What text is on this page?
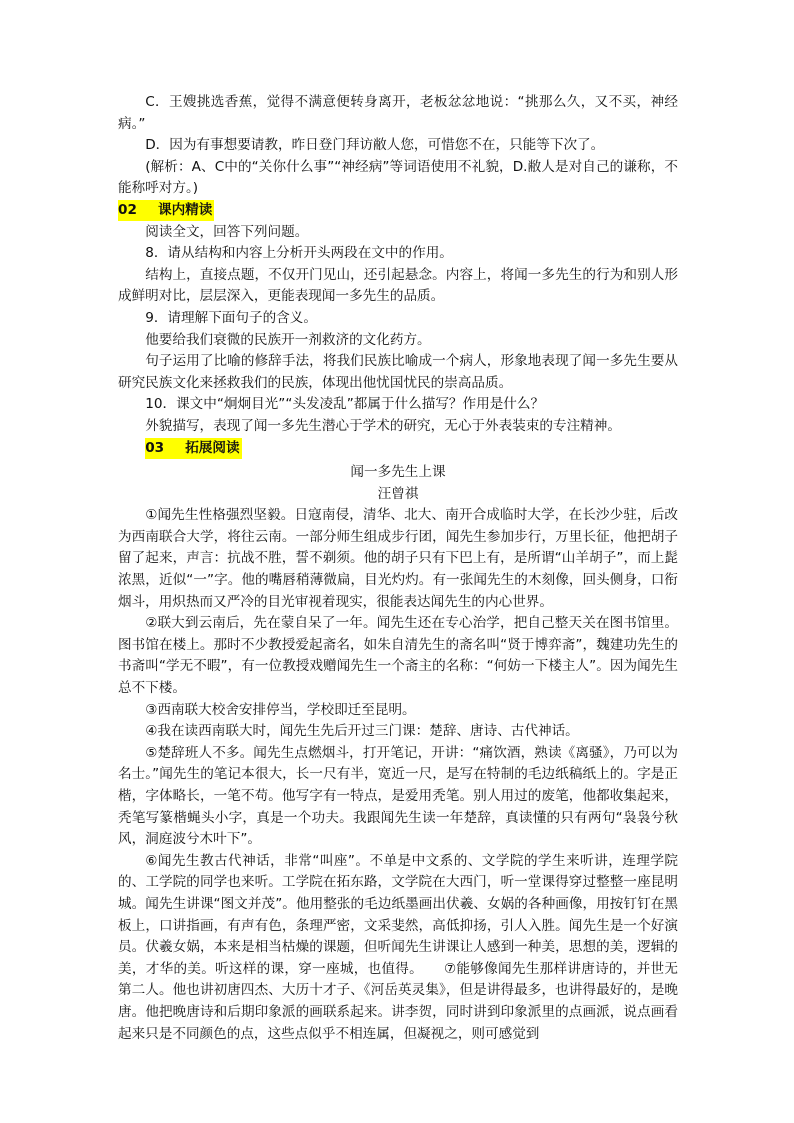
C．王嫂挑选香蕉，觉得不满意便转身离开，老板忿忿地说：“挑那么久，又不买，神经病。”

D．因为有事想要请教，昨日登门拜访敝人您，可惜您不在，只能等下次了。

(解析：A、C中的“关你什么事”“神经病”等词语使用不礼貌，D.敝人是对自己的谦称，不能称呼对方。)

02 课内精读

阅读全文，回答下列问题。

8．请从结构和内容上分析开头两段在文中的作用。

结构上，直接点题，不仅开门见山，还引起悬念。内容上，将闻一多先生的行为和别人形成鲜明对比，层层深入，更能表现闻一多先生的品质。

9．请理解下面句子的含义。

他要给我们衰微的民族开一剂救济的文化药方。

句子运用了比喻的修辞手法，将我们民族比喻成一个病人，形象地表现了闻一多先生要从研究民族文化来拯救我们的民族，体现出他忧国忧民的崇高品质。

10．课文中“炯炯目光”“头发凌乱”都属于什么描写？作用是什么？

外貌描写，表现了闻一多先生潜心于学术的研究，无心于外表装束的专注精神。

03 拓展阅读

闻一多先生上课

汪曾祺

①闻先生性格强烈坚毅。日寇南侵，清华、北大、南开合成临时大学，在长沙少驻，后改为西南联合大学，将往云南。一部分师生组成步行团，闻先生参加步行，万里长征，他把胡子留了起来，声言：抗战不胜，誓不剃须。他的胡子只有下巴上有，是所谓“山羊胡子”，而上髭浓黑，近似“一”字。他的嘴唇稍薄微扁，目光灼灼。有一张闻先生的木刻像，回头侧身，口衔烟斗，用炽热而又严冷的目光审视着现实，很能表达闻先生的内心世界。

②联大到云南后，先在蒙自呆了一年。闻先生还在专心治学，把自己整天关在图书馆里。图书馆在楼上。那时不少教授爱起斋名，如朱自清先生的斋名叫“贤于博弈斋”，魏建功先生的书斋叫“学无不暇”，有一位教授戏赠闻先生一个斋主的名称：“何妨一下楼主人”。因为闻先生总不下楼。

③西南联大校舍安排停当，学校即迁至昆明。

④我在读西南联大时，闻先生先后开过三门课：楚辞、唐诗、古代神话。

⑤楚辞班人不多。闻先生点燃烟斗，打开笔记，开讲：“痛饮酒，熟读《离骚》，乃可以为名士。”闻先生的笔记本很大，长一尺有半，宽近一尺，是写在特制的毛边纸稿纸上的。字是正楷，字体略长，一笔不苟。他写字有一特点，是爱用秃笔。别人用过的废笔，他都收集起来，秃笔写篆楷蝇头小字，真是一个功夫。我跟闻先生读一年楚辞，真读懂的只有两句“袅袅兮秋风，洞庭波兮木叶下”。

⑥闻先生教古代神话，非常“叫座”。不单是中文系的、文学院的学生来听讲，连理学院的、工学院的同学也来听。工学院在拓东路，文学院在大西门，听一堂课得穿过整整一座昆明城。闻先生讲课“图文并茂”。他用整张的毛边纸墨画出伏羲、女娲的各种画像，用按钉钉在黑板上，口讲指画，有声有色，条理严密，文采斐然，高低抑扬，引人入胜。闻先生是一个好演员。伏羲女娲，本来是相当枯燥的课题，但听闻先生讲课让人感到一种美，思想的美，逻辑的美，才华的美。听这样的课，穿一座城，也值得。　　⑦能够像闻先生那样讲唐诗的，并世无第二人。他也讲初唐四杰、大历十才子、《河岳英灵集》，但是讲得最多，也讲得最好的，是晚唐。他把晚唐诗和后期印象派的画联系起来。讲李贺，同时讲到印象派里的点画派，说点画看起来只是不同颜色的点，这些点似乎不相连属，但凝视之，则可感觉到
